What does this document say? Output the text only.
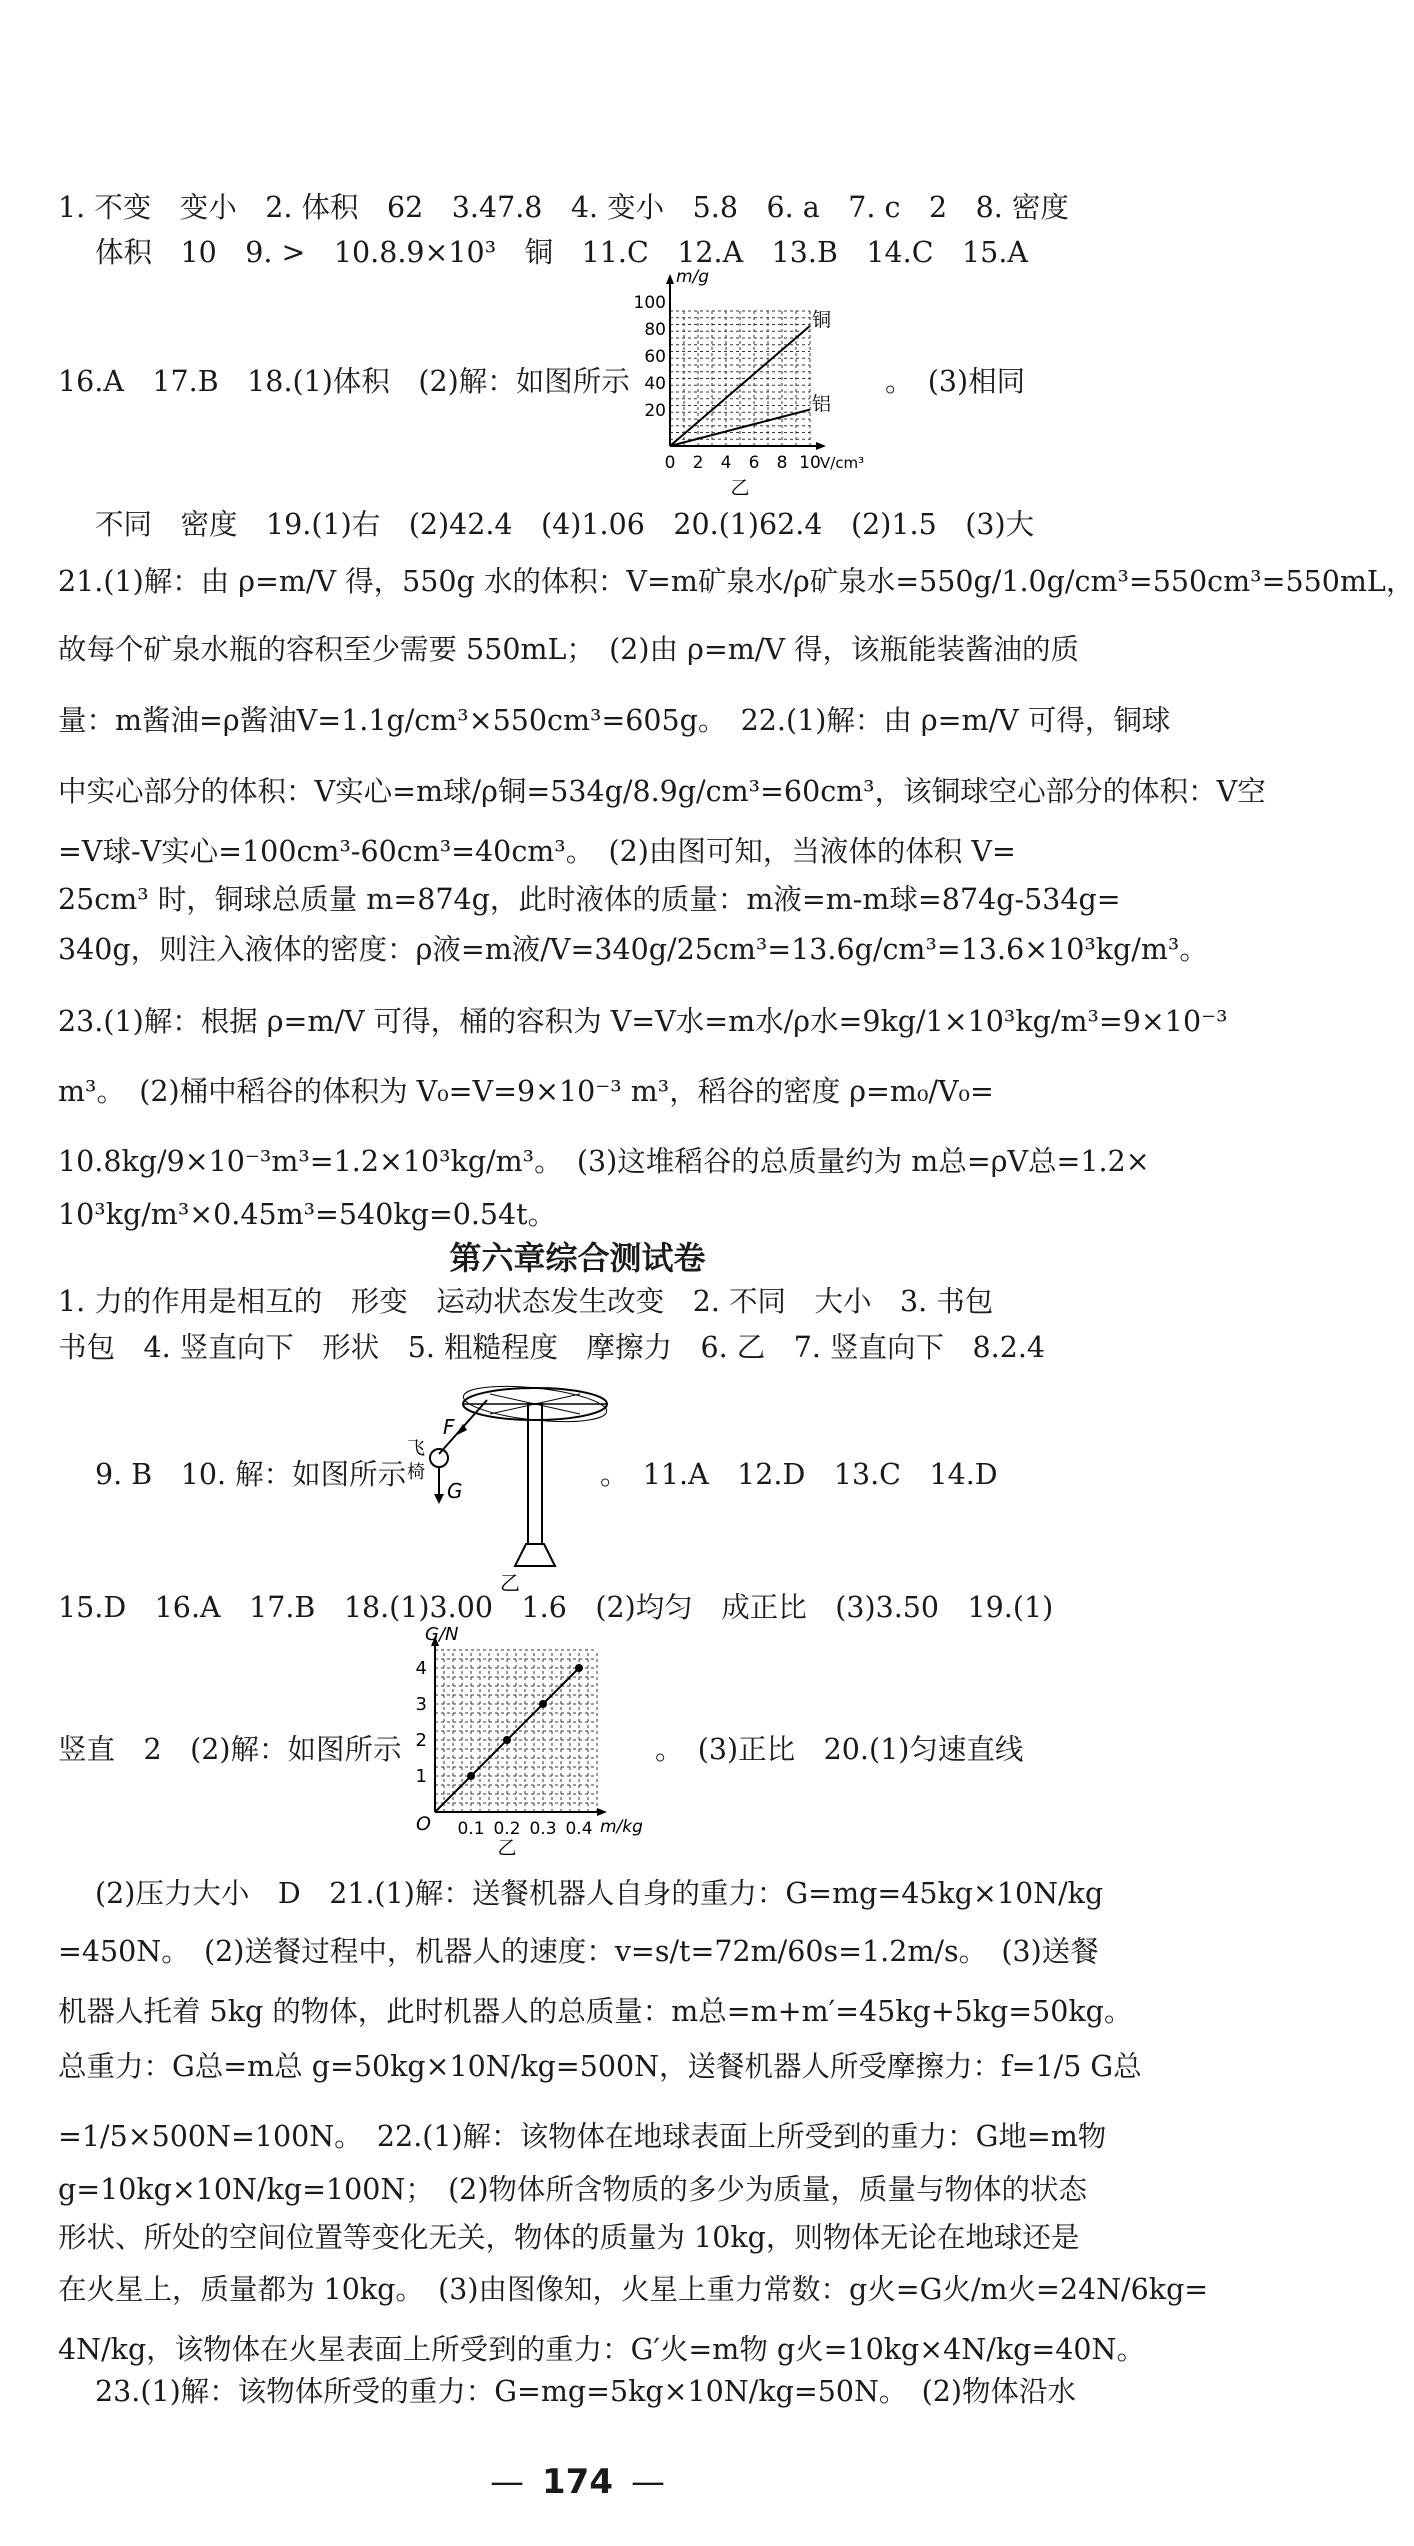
1. 不变　变小　2. 体积　62　3.47.8　4. 变小　5.8　6. a　7. c　2　8. 密度
体积　10　9. >　10.8.9×10³　铜　11.C　12.A　13.B　14.C　15.A
16.A　17.B　18.(1)体积　(2)解：如图所示	。　(3)相同
不同　密度　19.(1)右　(2)42.4　(4)1.06　20.(1)62.4　(2)1.5　(3)大
21.(1)解：由 ρ=m/V 得，550g 水的体积：V=m矿泉水/ρ矿泉水=550g/1.0g/cm³=550cm³=550mL，
故每个矿泉水瓶的容积至少需要 550mL；　(2)由 ρ=m/V 得，该瓶能装酱油的质
量：m酱油=ρ酱油V=1.1g/cm³×550cm³=605g。　22.(1)解：由 ρ=m/V 可得，铜球
中实心部分的体积：V实心=m球/ρ铜=534g/8.9g/cm³=60cm³，该铜球空心部分的体积：V空
=V球-V实心=100cm³-60cm³=40cm³。　(2)由图可知，当液体的体积 V=
25cm³ 时，铜球总质量 m=874g，此时液体的质量：m液=m-m球=874g-534g=
340g，则注入液体的密度：ρ液=m液/V=340g/25cm³=13.6g/cm³=13.6×10³kg/m³。
23.(1)解：根据 ρ=m/V 可得，桶的容积为 V=V水=m水/ρ水=9kg/1×10³kg/m³=9×10⁻³
m³。　(2)桶中稻谷的体积为 V₀=V=9×10⁻³ m³，稻谷的密度 ρ=m₀/V₀=
10.8kg/9×10⁻³m³=1.2×10³kg/m³。　(3)这堆稻谷的总质量约为 m总=ρV总=1.2×
10³kg/m³×0.45m³=540kg=0.54t。
第六章综合测试卷
1. 力的作用是相互的　形变　运动状态发生改变　2. 不同　大小　3. 书包
书包　4. 竖直向下　形状　5. 粗糙程度　摩擦力　6. 乙　7. 竖直向下　8.2.4
9. B　10. 解：如图所示	。　11.A　12.D　13.C　14.D
15.D　16.A　17.B　18.(1)3.00　1.6　(2)均匀　成正比　(3)3.50　19.(1)
竖直　2　(2)解：如图所示	。　(3)正比　20.(1)匀速直线
(2)压力大小　D　21.(1)解：送餐机器人自身的重力：G=mg=45kg×10N/kg
=450N。　(2)送餐过程中，机器人的速度：v=s/t=72m/60s=1.2m/s。　(3)送餐
机器人托着 5kg 的物体，此时机器人的总质量：m总=m+m′=45kg+5kg=50kg。
总重力：G总=m总 g=50kg×10N/kg=500N，送餐机器人所受摩擦力：f=1/5 G总
=1/5×500N=100N。　22.(1)解：该物体在地球表面上所受到的重力：G地=m物
g=10kg×10N/kg=100N；　(2)物体所含物质的多少为质量，质量与物体的状态
形状、所处的空间位置等变化无关，物体的质量为 10kg，则物体无论在地球还是
在火星上，质量都为 10kg。　(3)由图像知，火星上重力常数：g火=G火/m火=24N/6kg=
4N/kg，该物体在火星表面上所受到的重力：G′火=m物 g火=10kg×4N/kg=40N。
23.(1)解：该物体所受的重力：G=mg=5kg×10N/kg=50N。　(2)物体沿水
m/g
V/cm³
100
80
60
40
20
0 2 4 6 8 10
铜
铝
乙
F
飞
椅
G
乙
G/N
m/kg
O
4
3
2
1
0.1 0.2 0.3 0.4
乙
— 174 —
